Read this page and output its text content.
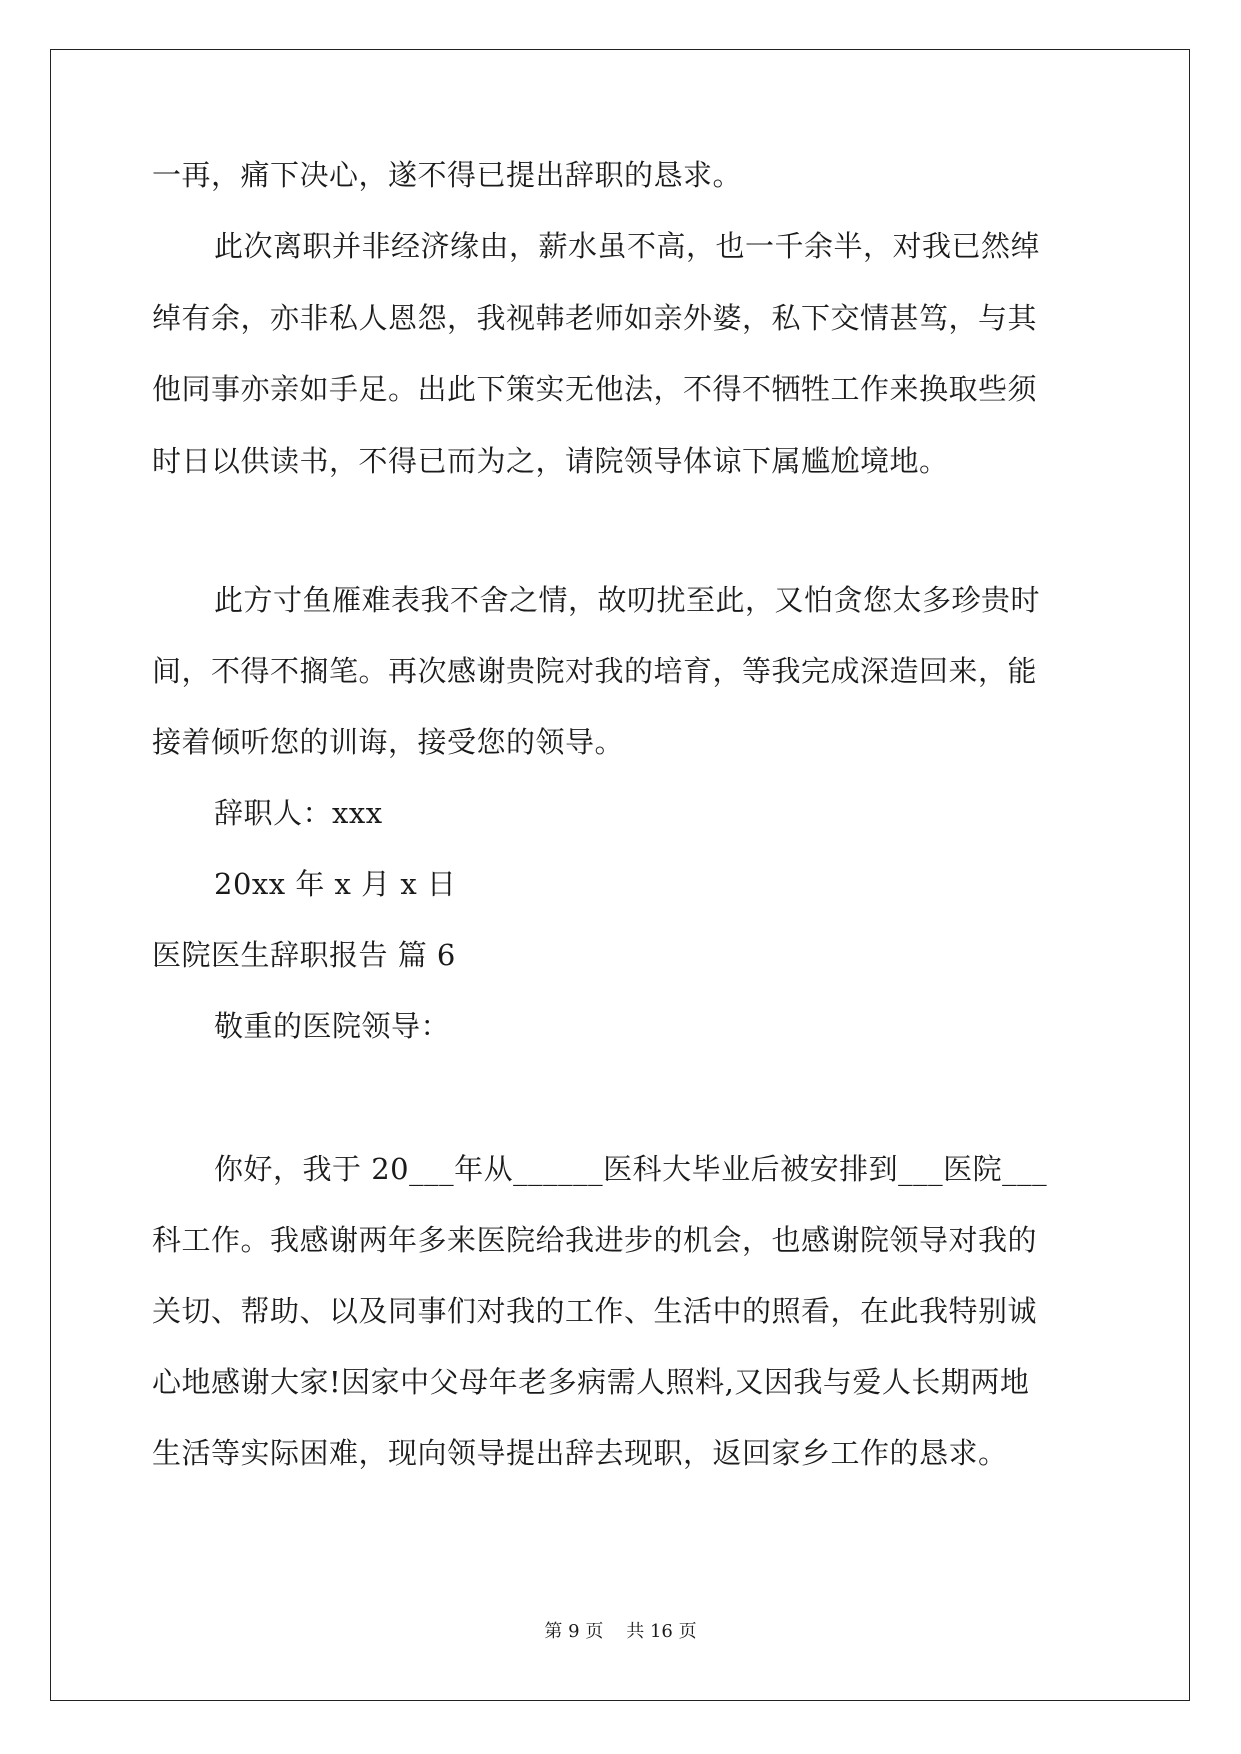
一再，痛下决心，遂不得已提出辞职的恳求。
此次离职并非经济缘由，薪水虽不高，也一千余半，对我已然绰
绰有余，亦非私人恩怨，我视韩老师如亲外婆，私下交情甚笃，与其
他同事亦亲如手足。出此下策实无他法，不得不牺牲工作来换取些须
时日以供读书，不得已而为之，请院领导体谅下属尴尬境地。
此方寸鱼雁难表我不舍之情，故叨扰至此，又怕贪您太多珍贵时
间，不得不搁笔。再次感谢贵院对我的培育，等我完成深造回来，能
接着倾听您的训诲，接受您的领导。
辞职人：xxx
20xx 年 x 月 x 日
医院医生辞职报告 篇 6
敬重的医院领导：
你好，我于 20___年从______医科大毕业后被安排到___医院___
科工作。我感谢两年多来医院给我进步的机会，也感谢院领导对我的
关切、帮助、以及同事们对我的工作、生活中的照看，在此我特别诚
心地感谢大家!因家中父母年老多病需人照料,又因我与爱人长期两地
生活等实际困难，现向领导提出辞去现职，返回家乡工作的恳求。
第 9 页 共 16 页
